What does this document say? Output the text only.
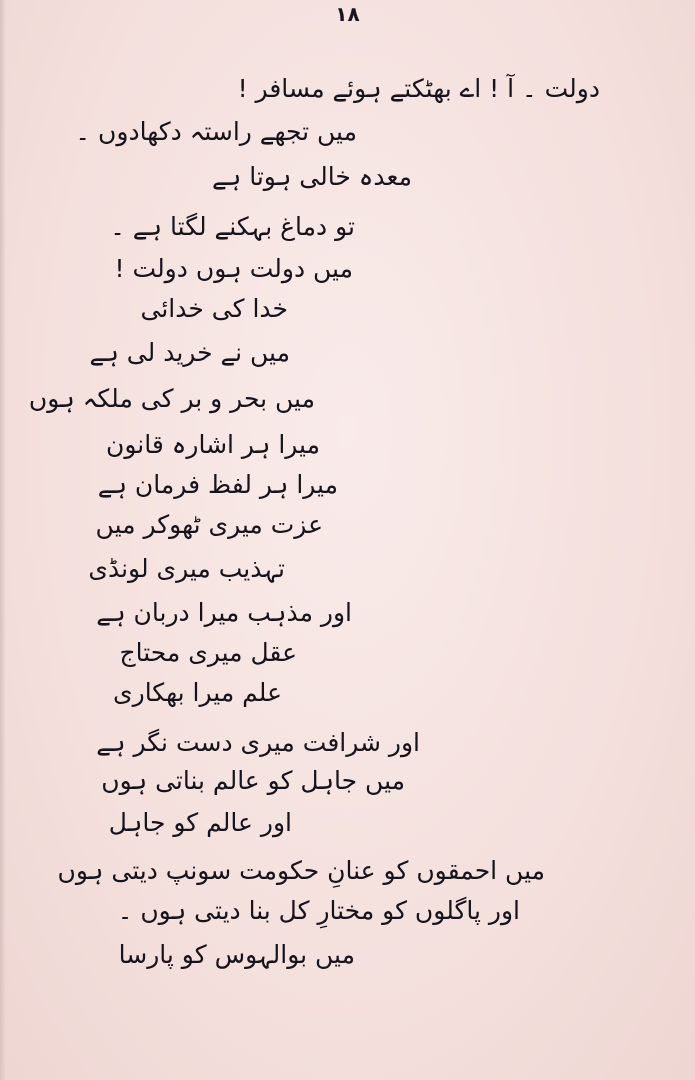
۱۸
دولت ۔ آ ! اے بھٹکتے ہوئے مسافر !
میں تجھے راستہ دکھادوں ۔
معدہ خالی ہوتا ہے
تو دماغ بہکنے لگتا ہے ۔
میں دولت ہوں دولت !
خدا کی خدائی
میں نے خرید لی ہے
میں بحر و بر کی ملکہ ہوں
میرا ہر اشارہ قانون
میرا ہر لفظ فرمان ہے
عزت میری ٹھوکر میں
تہذیب میری لونڈی
اور مذہب میرا دربان ہے
عقل میری محتاج
علم میرا بھکاری
اور شرافت میری دست نگر ہے
میں جاہل کو عالم بناتی ہوں
اور عالم کو جاہل
میں احمقوں کو عنانِ حکومت سونپ دیتی ہوں
اور پاگلوں کو مختارِ کل بنا دیتی ہوں ۔
میں بوالہوس کو پارسا
